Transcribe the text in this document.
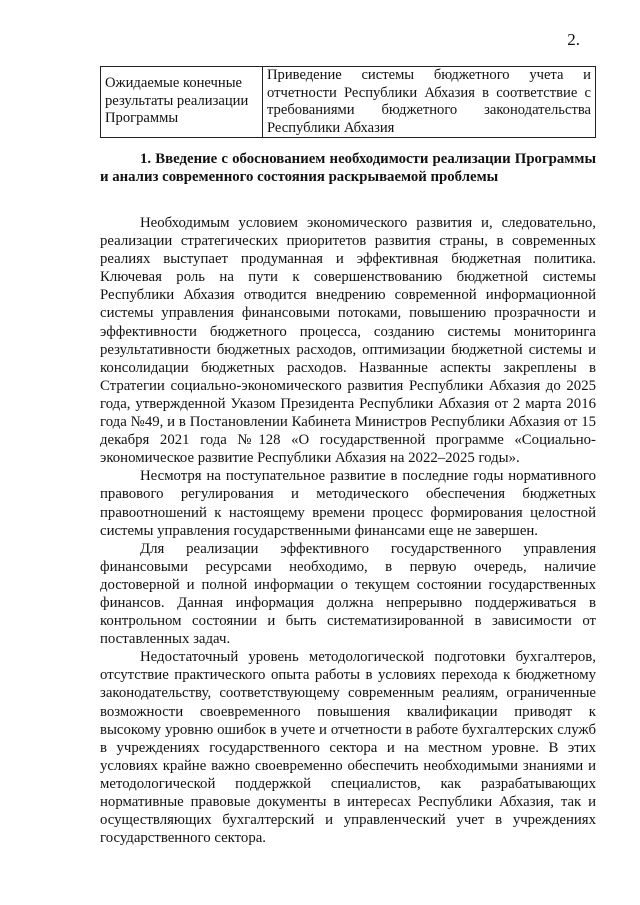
2.
Ожидаемые конечные результаты реализации Программы	Приведение системы бюджетного учета и отчетности Республики Абхазия в соответствие с требованиями бюджетного законодательства Республики Абхазия
1. Введение с обоснованием необходимости реализации Программы и анализ современного состояния раскрываемой проблемы

Необходимым условием экономического развития и, следовательно, реализации стратегических приоритетов развития страны, в современных реалиях выступает продуманная и эффективная бюджетная политика. Ключевая роль на пути к совершенствованию бюджетной системы Республики Абхазия отводится внедрению современной информационной системы управления финансовыми потоками, повышению прозрачности и эффективности бюджетного процесса, созданию системы мониторинга результативности бюджетных расходов, оптимизации бюджетной системы и консолидации бюджетных расходов. Названные аспекты закреплены в Стратегии социально-экономического развития Республики Абхазия до 2025 года, утвержденной Указом Президента Республики Абхазия от 2 марта 2016 года №49, и в Постановлении Кабинета Министров Республики Абхазия от 15 декабря 2021 года №128 «О государственной программе «Социально-экономическое развитие Республики Абхазия на 2022–2025 годы».

Несмотря на поступательное развитие в последние годы нормативного правового регулирования и методического обеспечения бюджетных правоотношений к настоящему времени процесс формирования целостной системы управления государственными финансами еще не завершен.

Для реализации эффективного государственного управления финансовыми ресурсами необходимо, в первую очередь, наличие достоверной и полной информации о текущем состоянии государственных финансов. Данная информация должна непрерывно поддерживаться в контрольном состоянии и быть систематизированной в зависимости от поставленных задач.

Недостаточный уровень методологической подготовки бухгалтеров, отсутствие практического опыта работы в условиях перехода к бюджетному законодательству, соответствующему современным реалиям, ограниченные возможности своевременного повышения квалификации приводят к высокому уровню ошибок в учете и отчетности в работе бухгалтерских служб в учреждениях государственного сектора и на местном уровне. В этих условиях крайне важно своевременно обеспечить необходимыми знаниями и методологической поддержкой специалистов, как разрабатывающих нормативные правовые документы в интересах Республики Абхазия, так и осуществляющих бухгалтерский и управленческий учет в учреждениях государственного сектора.
